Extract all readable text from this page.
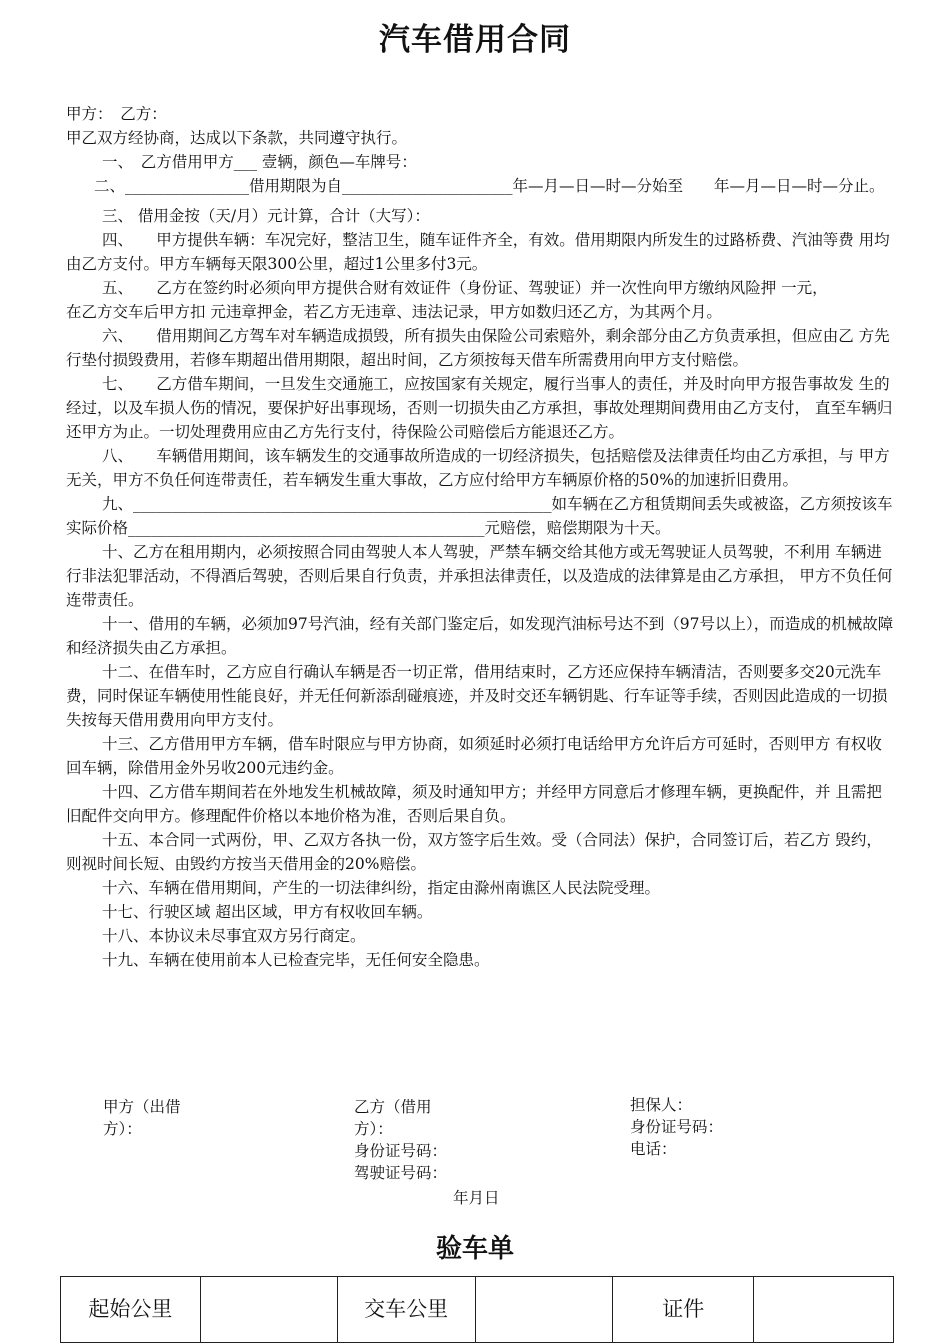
汽车借用合同

甲方：　乙方：

甲乙双方经协商，达成以下条款，共同遵守执行。

一、　乙方借用甲方___ 壹辆，颜色—车牌号：

二、________________借用期限为自______________________年—月—日—时—分始至　　年—月—日—时—分止。

三、 借用金按（天/月）元计算，合计（大写）：

四、　　甲方提供车辆：车况完好，整洁卫生，随车证件齐全，有效。借用期限内所发生的过路桥费、汽油等费 用均由乙方支付。甲方车辆每天限300公里，超过1公里多付3元。

五、　　乙方在签约时必须向甲方提供合财有效证件（身份证、驾驶证）并一次性向甲方缴纳风险押 一元，

在乙方交车后甲方扣 元违章押金，若乙方无违章、违法记录，甲方如数归还乙方，为其两个月。

六、　　借用期间乙方驾车对车辆造成损毁，所有损失由保险公司索赔外，剩余部分由乙方负责承担，但应由乙 方先行垫付损毁费用，若修车期超出借用期限，超出时间，乙方须按每天借车所需费用向甲方支付赔偿。

七、　　乙方借车期间，一旦发生交通施工，应按国家有关规定，履行当事人的责任，并及时向甲方报告事故发 生的经过，以及车损人伤的情况，要保护好出事现场，否则一切损失由乙方承担，事故处理期间费用由乙方支付， 直至车辆归还甲方为止。一切处理费用应由乙方先行支付，待保险公司赔偿后方能退还乙方。

八、　　车辆借用期间，该车辆发生的交通事故所造成的一切经济损失，包括赔偿及法律责任均由乙方承担，与 甲方无关，甲方不负任何连带责任，若车辆发生重大事故，乙方应付给甲方车辆原价格的50%的加速折旧费用。

九、______________________________________________________如车辆在乙方租赁期间丢失或被盗，乙方须按该车实际价格______________________________________________元赔偿，赔偿期限为十天。

十、乙方在租用期内，必须按照合同由驾驶人本人驾驶，严禁车辆交给其他方或无驾驶证人员驾驶，不利用 车辆进行非法犯罪活动，不得酒后驾驶，否则后果自行负责，并承担法律责任，以及造成的法律算是由乙方承担， 甲方不负任何连带责任。

十一、借用的车辆，必须加97号汽油，经有关部门鉴定后，如发现汽油标号达不到（97号以上），而造成的机械故障和经济损失由乙方承担。

十二、在借车时，乙方应自行确认车辆是否一切正常，借用结束时，乙方还应保持车辆清洁，否则要多交20元洗车费，同时保证车辆使用性能良好，并无任何新添刮碰痕迹，并及时交还车辆钥匙、行车证等手续，否则因此造成的一切损失按每天借用费用向甲方支付。

十三、乙方借用甲方车辆，借车时限应与甲方协商，如须延时必须打电话给甲方允许后方可延时，否则甲方 有权收回车辆，除借用金外另收200元违约金。

十四、乙方借车期间若在外地发生机械故障，须及时通知甲方；并经甲方同意后才修理车辆，更换配件，并 且需把旧配件交向甲方。修理配件价格以本地价格为准，否则后果自负。

十五、本合同一式两份，甲、乙双方各执一份，双方签字后生效。受（合同法）保护，合同签订后，若乙方 毁约，则视时间长短、由毁约方按当天借用金的20%赔偿。

十六、车辆在借用期间，产生的一切法律纠纷，指定由滁州南谯区人民法院受理。

十七、行驶区域 超出区域，甲方有权收回车辆。

十八、本协议未尽事宜双方另行商定。

十九、车辆在使用前本人已检查完毕，无任何安全隐患。

甲方（出借方）：
乙方（借用方）：
身份证号码：
驾驶证号码：
担保人：
身份证号码：
电话：
年月日
验车单
起始公里		交车公里		证件	
